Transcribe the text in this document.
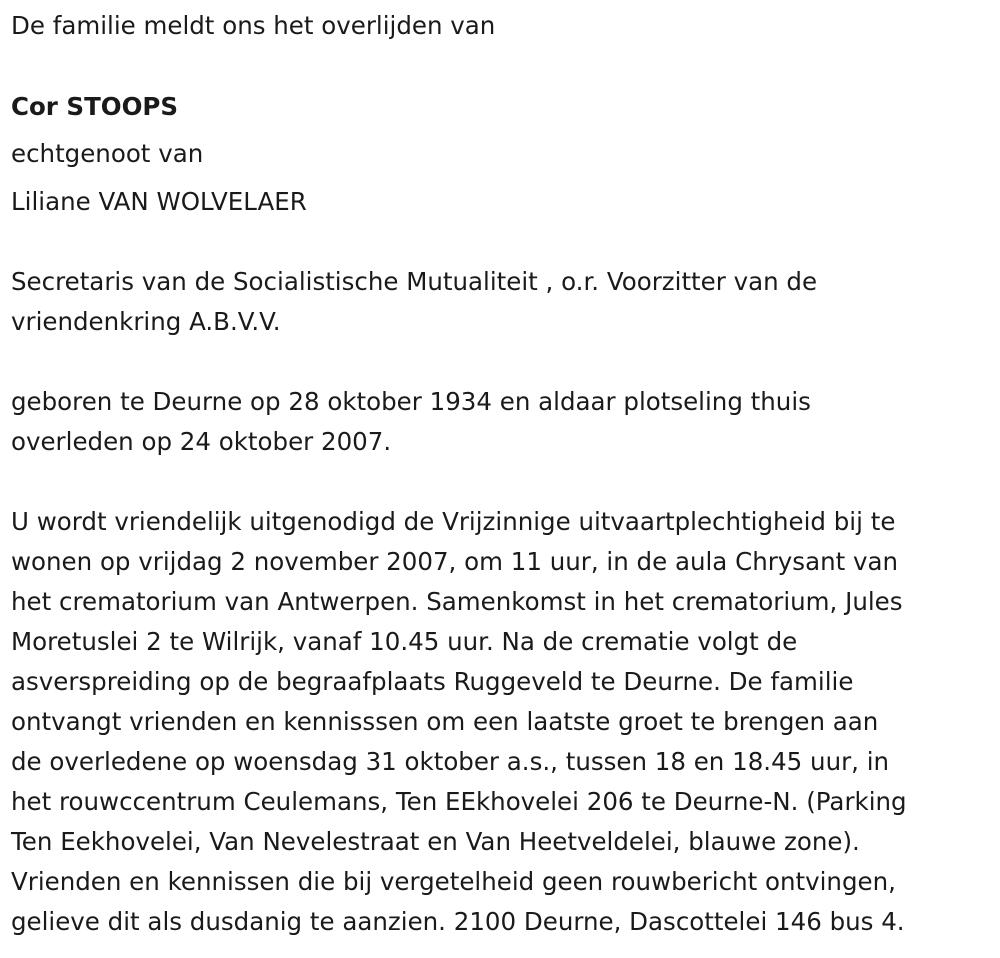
De familie meldt ons het overlijden van

Cor STOOPS

echtgenoot van

Liliane VAN WOLVELAER

Secretaris van de Socialistische Mutualiteit , o.r. Voorzitter van de
vriendenkring A.B.V.V.
geboren te Deurne op 28 oktober 1934 en aldaar plotseling thuis
overleden op 24 oktober 2007.
U wordt vriendelijk uitgenodigd de Vrijzinnige uitvaartplechtigheid bij te
wonen op vrijdag 2 november 2007, om 11 uur, in de aula Chrysant van
het crematorium van Antwerpen. Samenkomst in het crematorium, Jules
Moretuslei 2 te Wilrijk, vanaf 10.45 uur. Na de crematie volgt de
asverspreiding op de begraafplaats Ruggeveld te Deurne. De familie
ontvangt vrienden en kennisssen om een laatste groet te brengen aan
de overledene op woensdag 31 oktober a.s., tussen 18 en 18.45 uur, in
het rouwccentrum Ceulemans, Ten EEkhovelei 206 te Deurne-N. (Parking
Ten Eekhovelei, Van Nevelestraat en Van Heetveldelei, blauwe zone).
Vrienden en kennissen die bij vergetelheid geen rouwbericht ontvingen,
gelieve dit als dusdanig te aanzien. 2100 Deurne, Dascottelei 146 bus 4.
